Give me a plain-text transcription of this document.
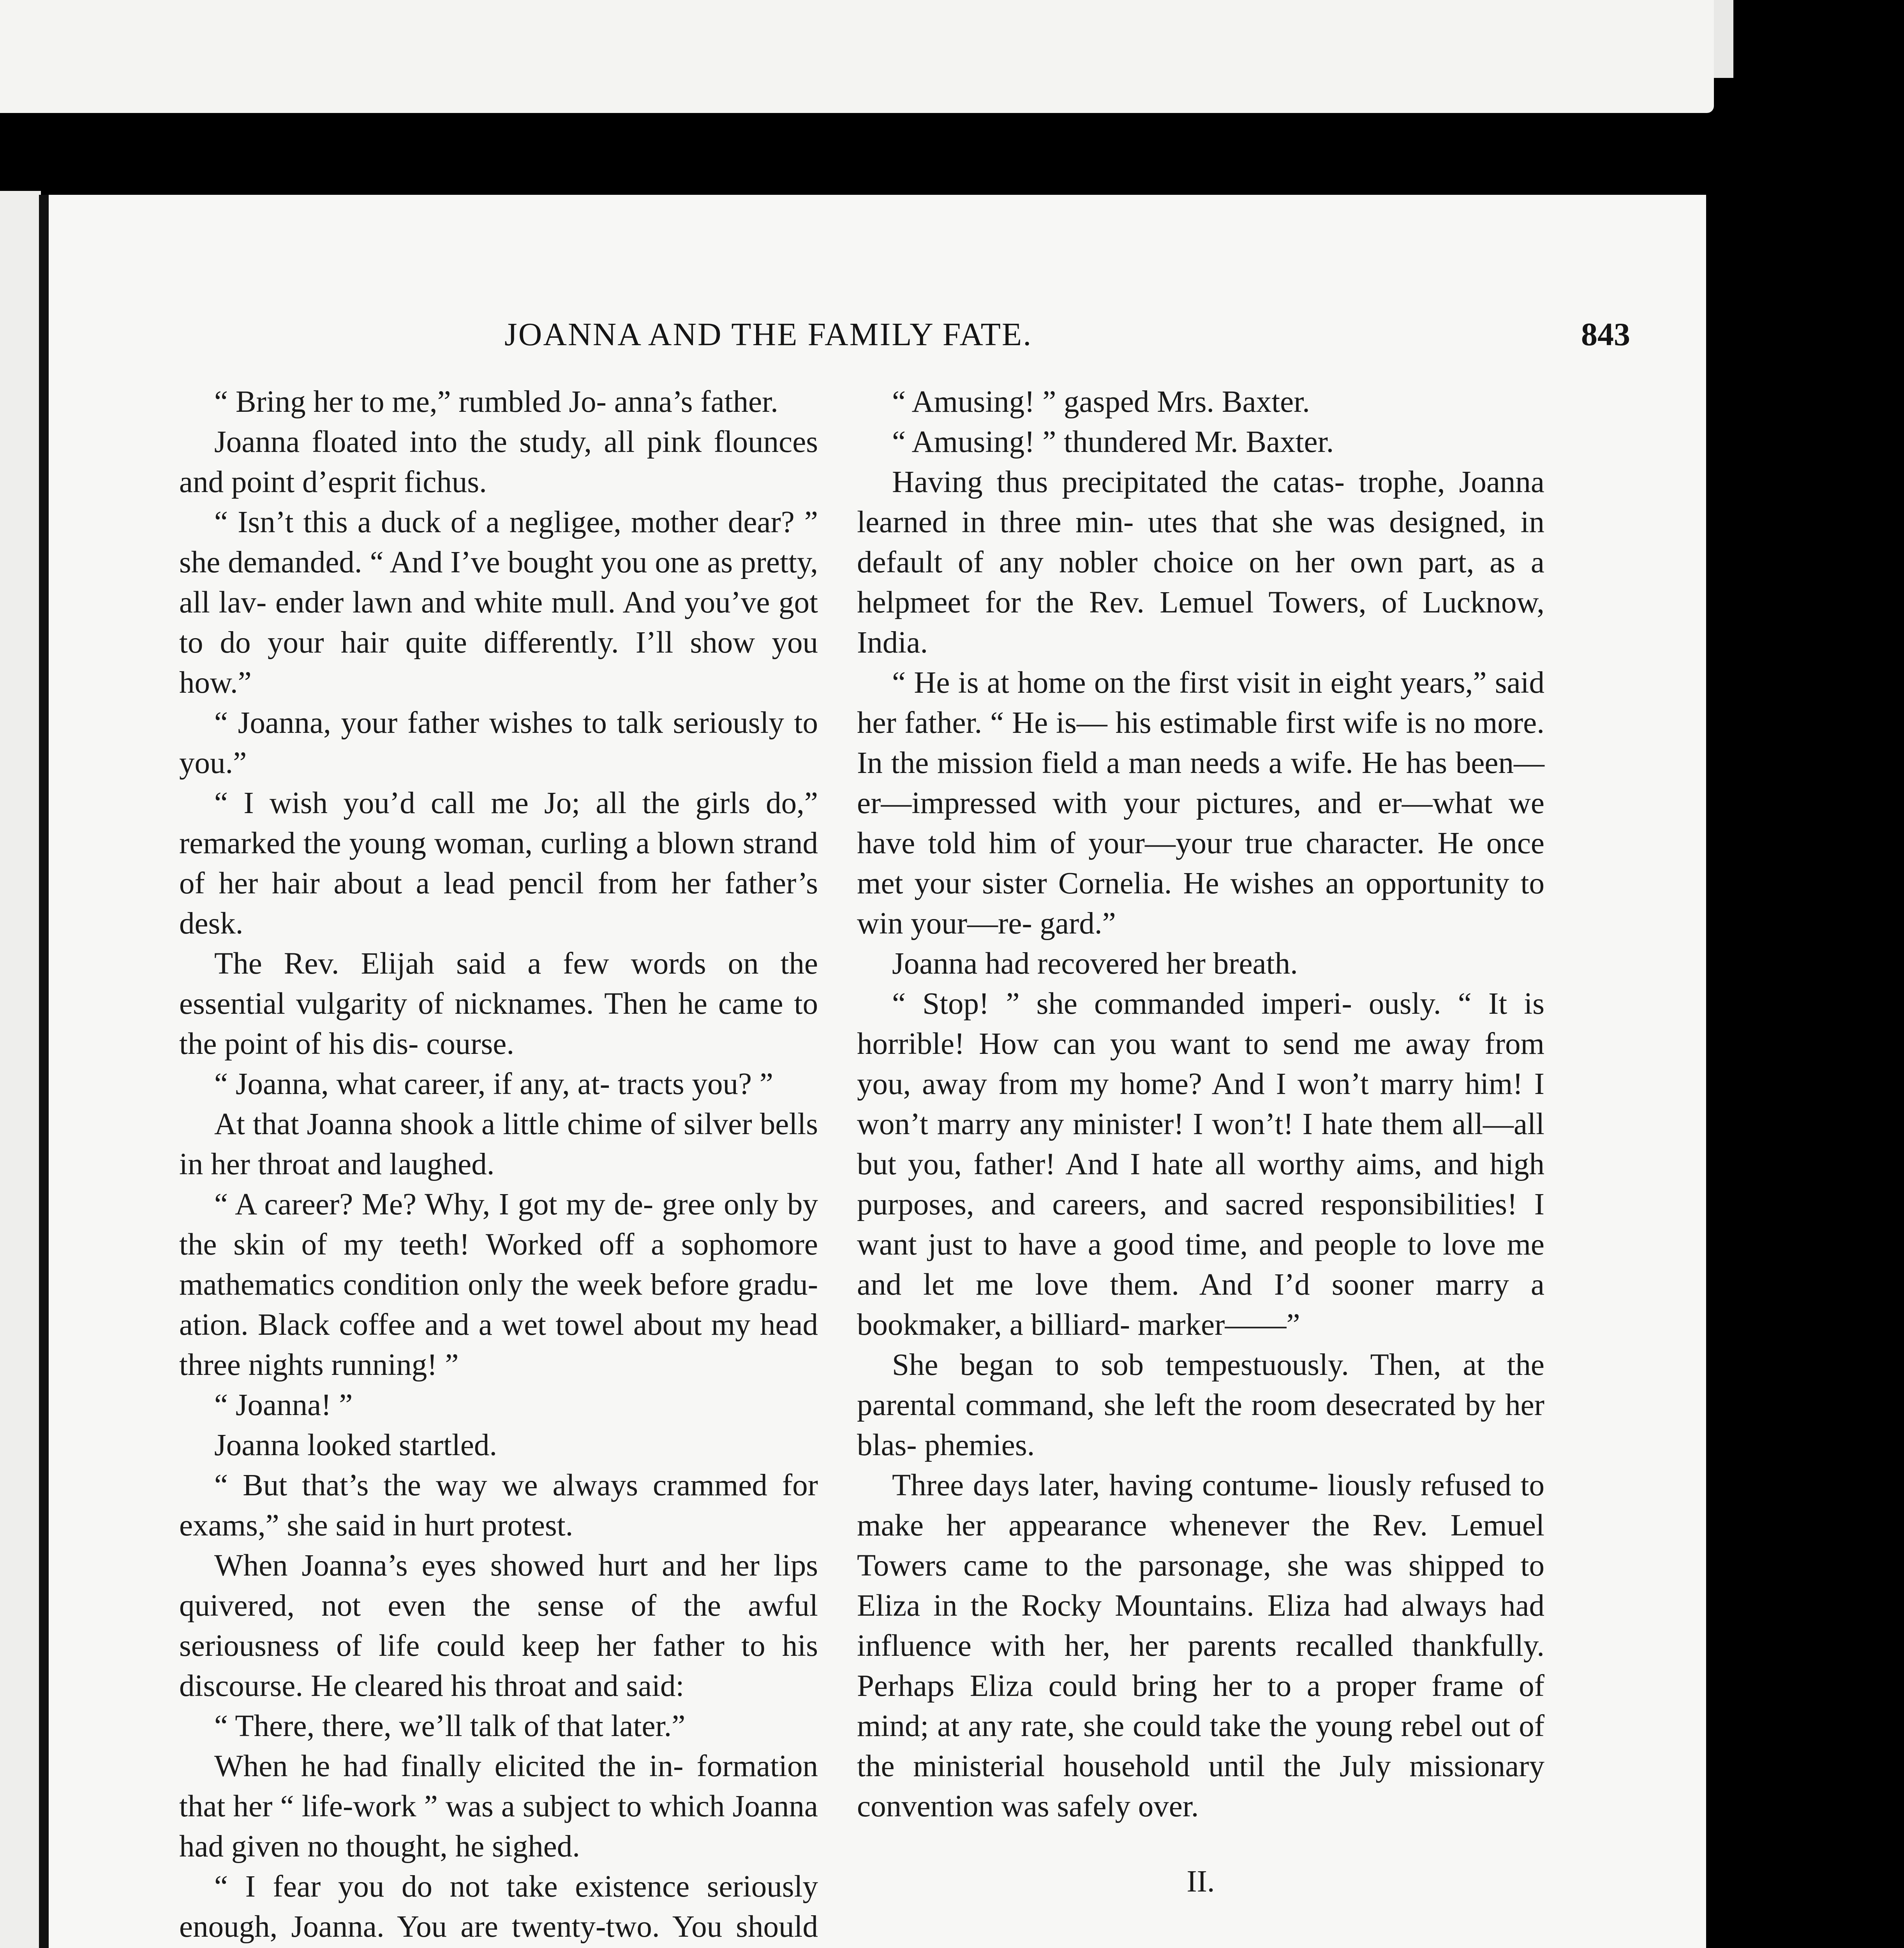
JOANNA AND THE FAMILY FATE.	843

“ Bring her to me,” rumbled Jo- anna’s father.

Joanna floated into the study, all pink flounces and point d’esprit fichus.

“ Isn’t this a duck of a negligee, mother dear? ” she demanded. “ And I’ve bought you one as pretty, all lav- ender lawn and white mull. And you’ve got to do your hair quite differently. I’ll show you how.”

“ Joanna, your father wishes to talk seriously to you.”

“ I wish you’d call me Jo; all the girls do,” remarked the young woman, curling a blown strand of her hair about a lead pencil from her father’s desk.

The Rev. Elijah said a few words on the essential vulgarity of nicknames. Then he came to the point of his dis- course.

“ Joanna, what career, if any, at- tracts you? ”

At that Joanna shook a little chime of silver bells in her throat and laughed.

“ A career? Me? Why, I got my de- gree only by the skin of my teeth! Worked off a sophomore mathematics condition only the week before gradu- ation. Black coffee and a wet towel about my head three nights running! ”

“ Joanna! ”

Joanna looked startled.

“ But that’s the way we always crammed for exams,” she said in hurt protest.

When Joanna’s eyes showed hurt and her lips quivered, not even the sense of the awful seriousness of life could keep her father to his discourse. He cleared his throat and said:

“ There, there, we’ll talk of that later.”

When he had finally elicited the in- formation that her “ life-work ” was a subject to which Joanna had given no thought, he sighed.

“ I fear you do not take existence seriously enough, Joanna. You are twenty-two. You should

“ Amusing! ” gasped Mrs. Baxter.

“ Amusing! ” thundered Mr. Baxter.

Having thus precipitated the catas- trophe, Joanna learned in three min- utes that she was designed, in default of any nobler choice on her own part, as a helpmeet for the Rev. Lemuel Towers, of Lucknow, India.

“ He is at home on the first visit in eight years,” said her father. “ He is— his estimable first wife is no more. In the mission field a man needs a wife. He has been—er—impressed with your pictures, and er—what we have told him of your—your true character. He once met your sister Cornelia. He wishes an opportunity to win your—re- gard.”

Joanna had recovered her breath.

“ Stop! ” she commanded imperi- ously. “ It is horrible! How can you want to send me away from you, away from my home? And I won’t marry him! I won’t marry any minister! I won’t! I hate them all—all but you, father! And I hate all worthy aims, and high purposes, and careers, and sacred responsibilities! I want just to have a good time, and people to love me and let me love them. And I’d sooner marry a bookmaker, a billiard- marker——”

She began to sob tempestuously. Then, at the parental command, she left the room desecrated by her blas- phemies.

Three days later, having contume- liously refused to make her appearance whenever the Rev. Lemuel Towers came to the parsonage, she was shipped to Eliza in the Rocky Mountains. Eliza had always had influence with her, her parents recalled thankfully. Perhaps Eliza could bring her to a proper frame of mind; at any rate, she could take the young rebel out of the ministerial household until the July missionary convention was safely over.

II.
